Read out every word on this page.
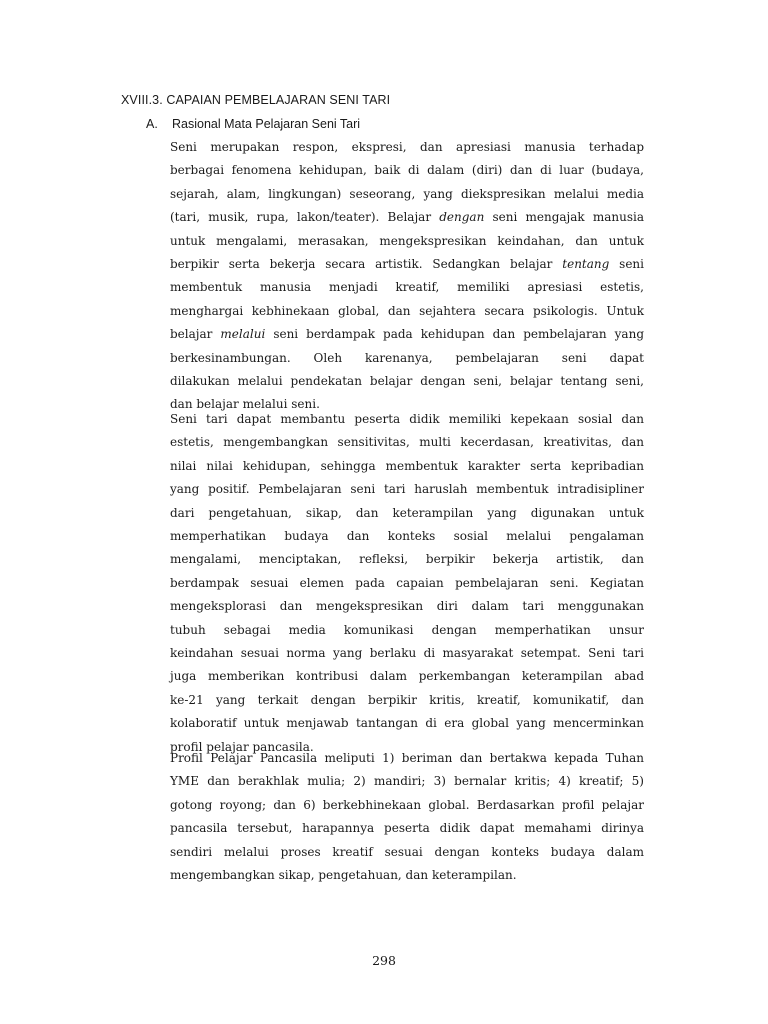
XVIII.3. CAPAIAN PEMBELAJARAN SENI TARI
A. Rasional Mata Pelajaran Seni Tari
Seni merupakan respon, ekspresi, dan apresiasi manusia terhadap
berbagai fenomena kehidupan, baik di dalam (diri) dan di luar (budaya,
sejarah, alam, lingkungan) seseorang, yang diekspresikan melalui media
(tari, musik, rupa, lakon/teater). Belajar dengan seni mengajak manusia
untuk mengalami, merasakan, mengekspresikan keindahan, dan untuk
berpikir serta bekerja secara artistik. Sedangkan belajar tentang seni
membentuk manusia menjadi kreatif, memiliki apresiasi estetis,
menghargai kebhinekaan global, dan sejahtera secara psikologis. Untuk
belajar melalui seni berdampak pada kehidupan dan pembelajaran yang
berkesinambungan. Oleh karenanya, pembelajaran seni dapat
dilakukan melalui pendekatan belajar dengan seni, belajar tentang seni,
dan belajar melalui seni.
Seni tari dapat membantu peserta didik memiliki kepekaan sosial dan
estetis, mengembangkan sensitivitas, multi kecerdasan, kreativitas, dan
nilai nilai kehidupan, sehingga membentuk karakter serta kepribadian
yang positif. Pembelajaran seni tari haruslah membentuk intradisipliner
dari pengetahuan, sikap, dan keterampilan yang digunakan untuk
memperhatikan budaya dan konteks sosial melalui pengalaman
mengalami, menciptakan, refleksi, berpikir bekerja artistik, dan
berdampak sesuai elemen pada capaian pembelajaran seni. Kegiatan
mengeksplorasi dan mengekspresikan diri dalam tari menggunakan
tubuh sebagai media komunikasi dengan memperhatikan unsur
keindahan sesuai norma yang berlaku di masyarakat setempat. Seni tari
juga memberikan kontribusi dalam perkembangan keterampilan abad
ke-21 yang terkait dengan berpikir kritis, kreatif, komunikatif, dan
kolaboratif untuk menjawab tantangan di era global yang mencerminkan
profil pelajar pancasila.
Profil Pelajar Pancasila meliputi 1) beriman dan bertakwa kepada Tuhan
YME dan berakhlak mulia; 2) mandiri; 3) bernalar kritis; 4) kreatif; 5)
gotong royong; dan 6) berkebhinekaan global. Berdasarkan profil pelajar
pancasila tersebut, harapannya peserta didik dapat memahami dirinya
sendiri melalui proses kreatif sesuai dengan konteks budaya dalam
mengembangkan sikap, pengetahuan, dan keterampilan.
298
